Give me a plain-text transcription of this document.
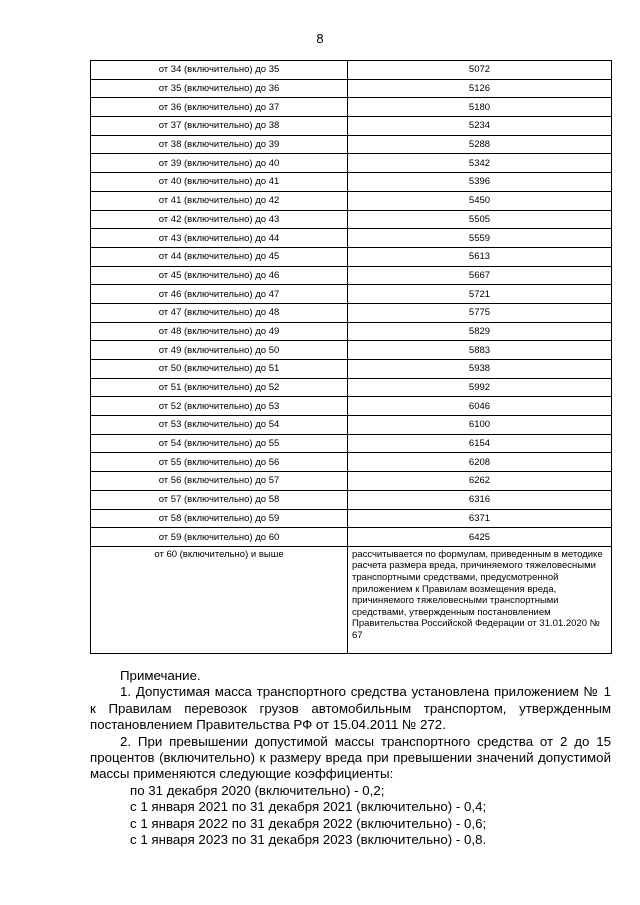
8
от 34 (включительно) до 35	5072
от 35 (включительно) до 36	5126
от 36 (включительно) до 37	5180
от 37 (включительно) до 38	5234
от 38 (включительно) до 39	5288
от 39 (включительно) до 40	5342
от 40 (включительно) до 41	5396
от 41 (включительно) до 42	5450
от 42 (включительно) до 43	5505
от 43 (включительно) до 44	5559
от 44 (включительно) до 45	5613
от 45 (включительно) до 46	5667
от 46 (включительно) до 47	5721
от 47 (включительно) до 48	5775
от 48 (включительно) до 49	5829
от 49 (включительно) до 50	5883
от 50 (включительно) до 51	5938
от 51 (включительно) до 52	5992
от 52 (включительно) до 53	6046
от 53 (включительно) до 54	6100
от 54 (включительно) до 55	6154
от 55 (включительно) до 56	6208
от 56 (включительно) до 57	6262
от 57 (включительно) до 58	6316
от 58 (включительно) до 59	6371
от 59 (включительно) до 60	6425
от 60 (включительно) и выше	рассчитывается по формулам, приведенным в методике расчета размера вреда, причиняемого тяжеловесными транспортными средствами, предусмотренной приложением к Правилам возмещения вреда, причиняемого тяжеловесными транспортными средствами, утвержденным постановлением Правительства Российской Федерации от 31.01.2020 № 67

Примечание.

1. Допустимая масса транспортного средства установлена приложением № 1 к Правилам перевозок грузов автомобильным транспортом, утвержденным постановлением Правительства РФ от 15.04.2011 № 272.

2. При превышении допустимой массы транспортного средства от 2 до 15 процентов (включительно) к размеру вреда при превышении значений допустимой массы применяются следующие коэффициенты:

по 31 декабря 2020 (включительно) - 0,2;

с 1 января 2021 по 31 декабря 2021 (включительно) - 0,4;

с 1 января 2022 по 31 декабря 2022 (включительно) - 0,6;

с 1 января 2023 по 31 декабря 2023 (включительно) - 0,8.
